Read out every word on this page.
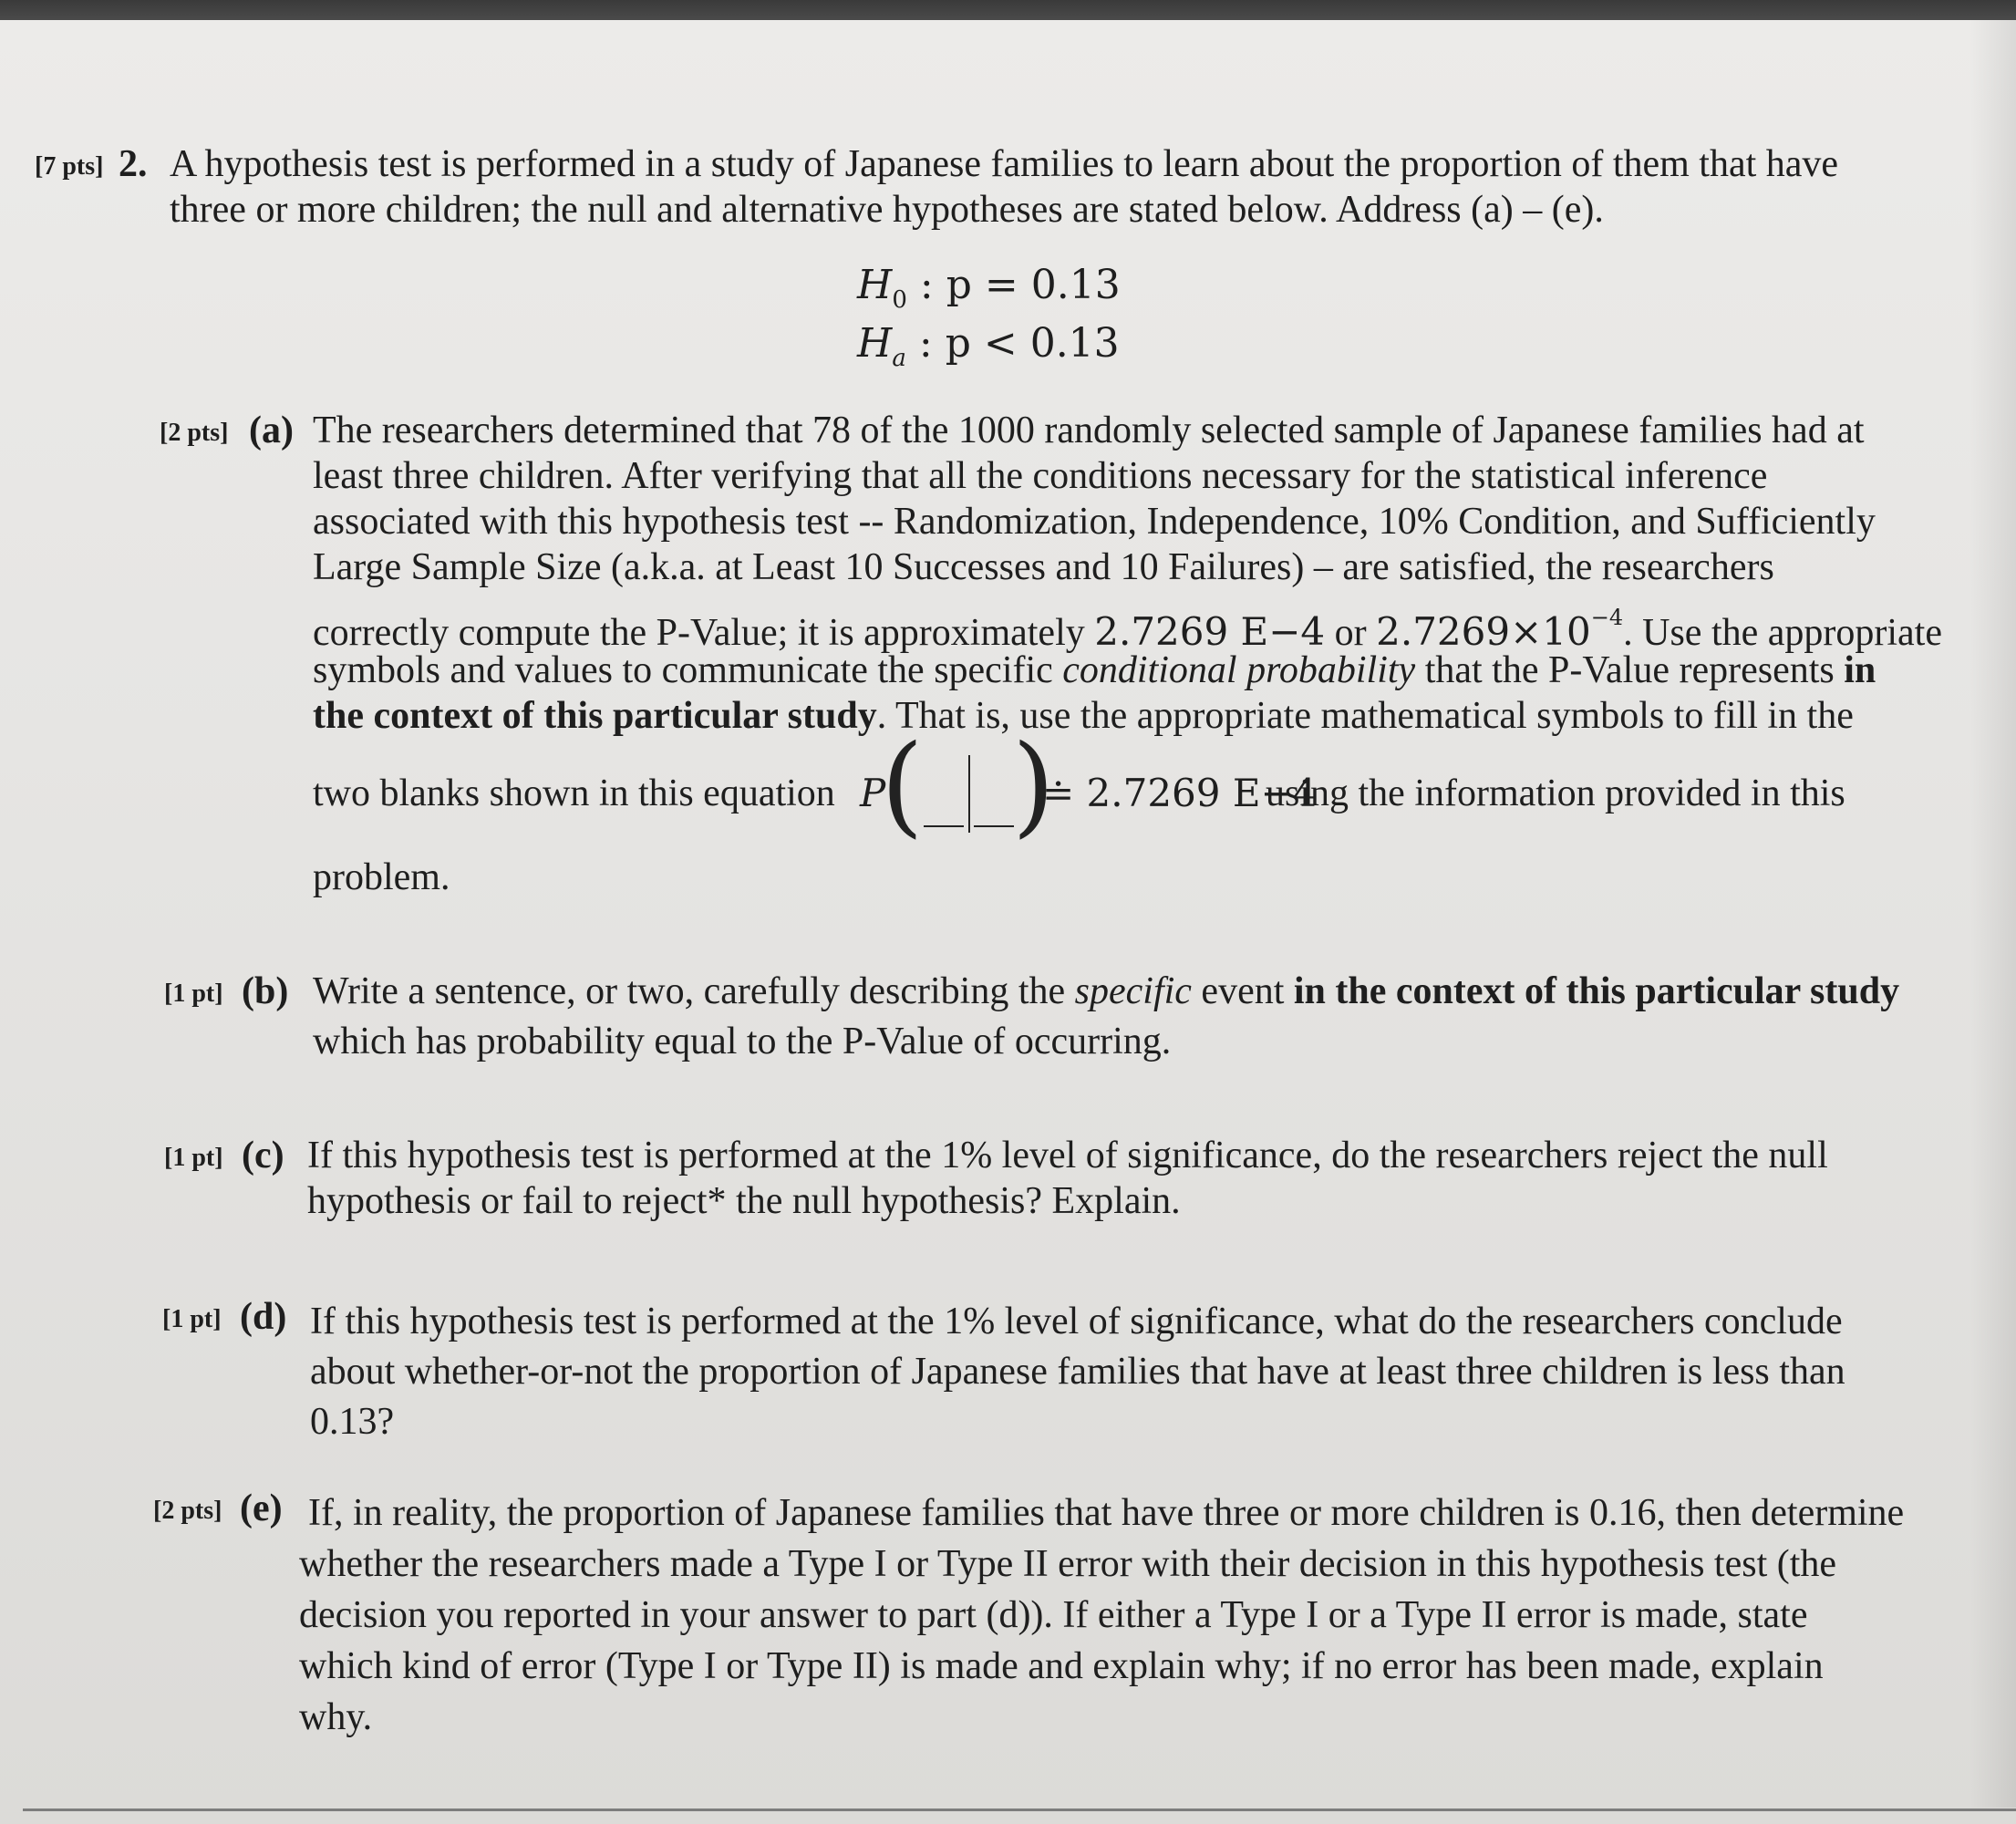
[7 pts] 2. A hypothesis test is performed in a study of Japanese families to learn about the proportion of them that have
three or more children; the null and alternative hypotheses are stated below. Address (a) – (e).
$H_0$ : p = 0.13
$H_a$ : p < 0.13
[2 pts] (a) The researchers determined that 78 of the 1000 randomly selected sample of Japanese families had at
least three children. After verifying that all the conditions necessary for the statistical inference
associated with this hypothesis test -- Randomization, Independence, 10% Condition, and Sufficiently
Large Sample Size (a.k.a. at Least 10 Successes and 10 Failures) – are satisfied, the researchers
correctly compute the P-Value; it is approximately 2.7269 E−4 or $2.7269\times 10^{-4}$. Use the appropriate
symbols and values to communicate the specific conditional probability that the P-Value represents in
the context of this particular study. That is, use the appropriate mathematical symbols to fill in the
two blanks shown in this equation P
( )
≐ 2.7269 E−4
using the information provided in this
problem.
[1 pt] (b) Write a sentence, or two, carefully describing the specific event in the context of this particular study
which has probability equal to the P-Value of occurring.
[1 pt] (c) If this hypothesis test is performed at the 1% level of significance, do the researchers reject the null
hypothesis or fail to reject* the null hypothesis? Explain.
[1 pt] (d) If this hypothesis test is performed at the 1% level of significance, what do the researchers conclude
about whether-or-not the proportion of Japanese families that have at least three children is less than
0.13?
[2 pts] (e) If, in reality, the proportion of Japanese families that have three or more children is 0.16, then determine
whether the researchers made a Type I or Type II error with their decision in this hypothesis test (the
decision you reported in your answer to part (d)). If either a Type I or a Type II error is made, state
which kind of error (Type I or Type II) is made and explain why; if no error has been made, explain
why.
